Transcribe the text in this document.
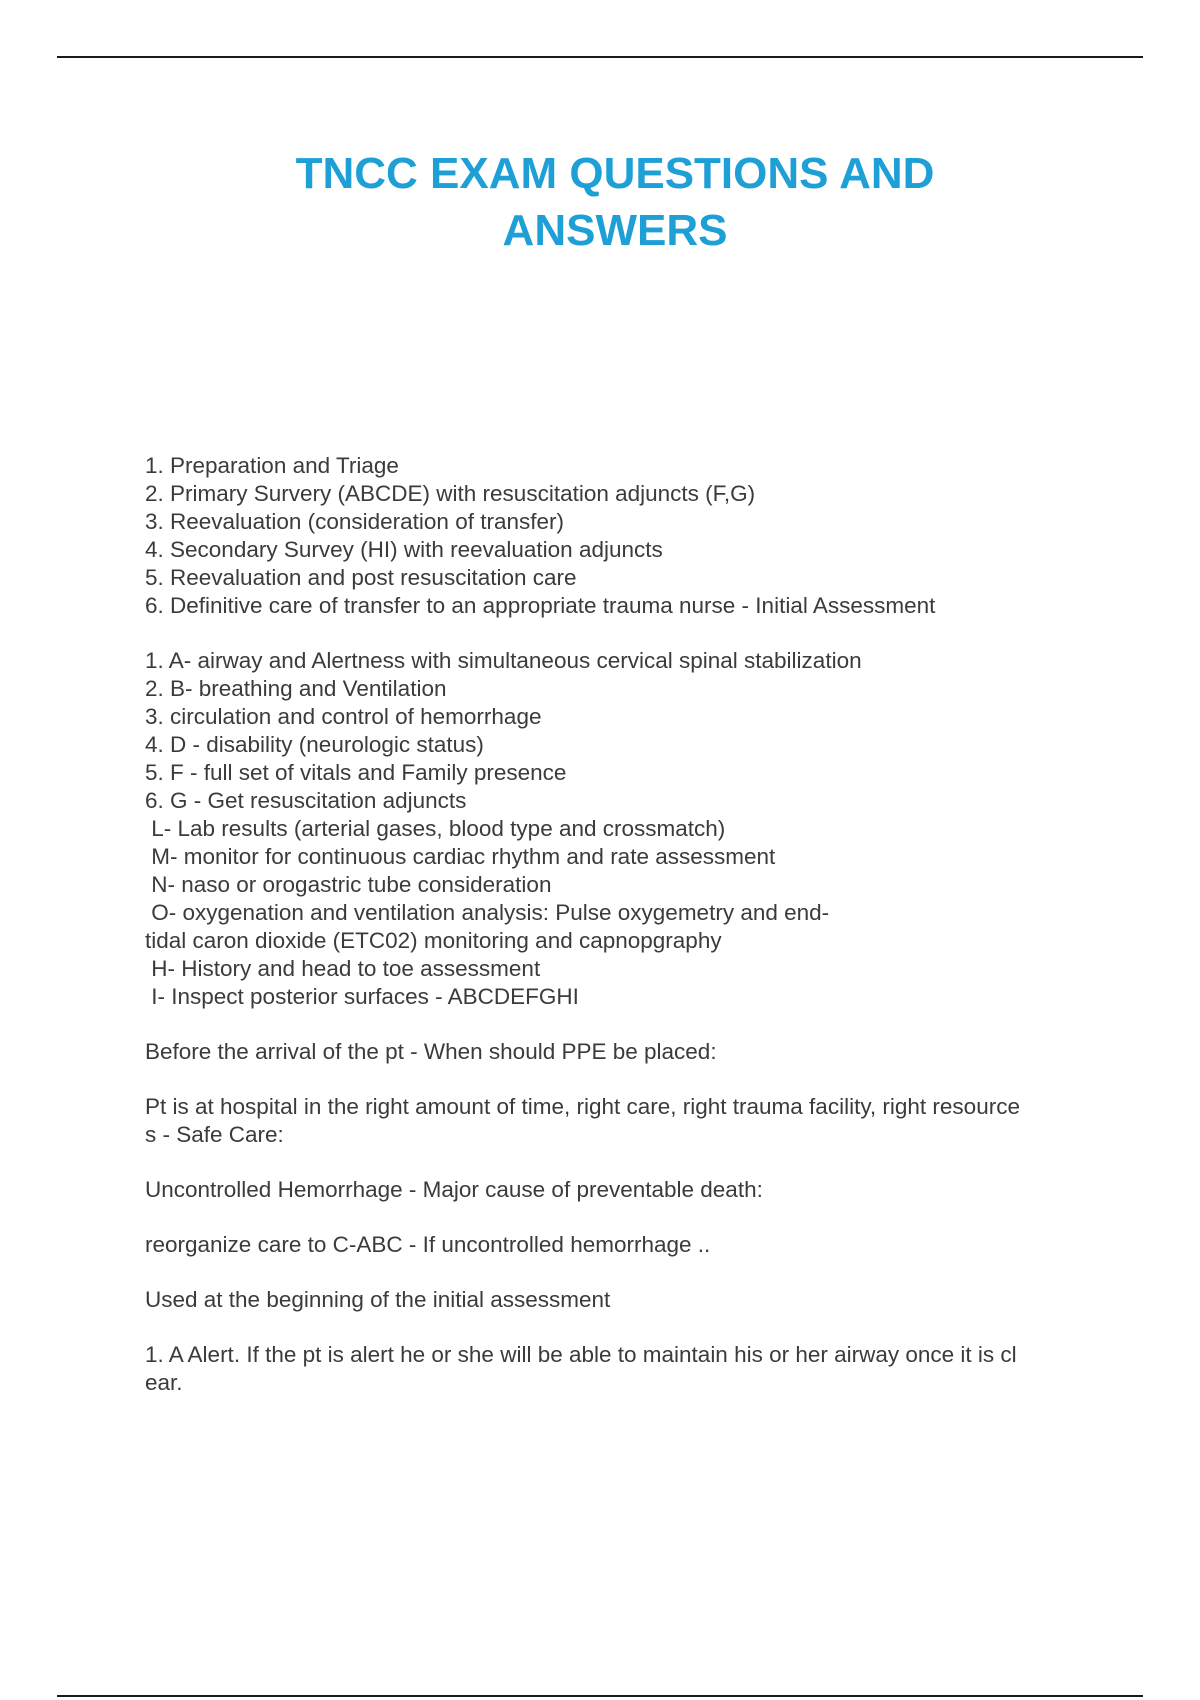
TNCC EXAM QUESTIONS AND
ANSWERS
1. Preparation and Triage
2. Primary Survery (ABCDE) with resuscitation adjuncts (F,G)
3. Reevaluation (consideration of transfer)
4. Secondary Survey (HI) with reevaluation adjuncts
5. Reevaluation and post resuscitation care
6. Definitive care of transfer to an appropriate trauma nurse - Initial Assessment
1. A- airway and Alertness with simultaneous cervical spinal stabilization
2. B- breathing and Ventilation
3. circulation and control of hemorrhage
4. D - disability (neurologic status)
5. F - full set of vitals and Family presence
6. G - Get resuscitation adjuncts
L- Lab results (arterial gases, blood type and crossmatch)
M- monitor for continuous cardiac rhythm and rate assessment
N- naso or orogastric tube consideration
O- oxygenation and ventilation analysis: Pulse oxygemetry and end-
tidal caron dioxide (ETC02) monitoring and capnopgraphy
H- History and head to toe assessment
I- Inspect posterior surfaces - ABCDEFGHI
Before the arrival of the pt - When should PPE be placed:
Pt is at hospital in the right amount of time, right care, right trauma facility, right resource
s - Safe Care:
Uncontrolled Hemorrhage - Major cause of preventable death:
reorganize care to C-ABC - If uncontrolled hemorrhage ..
Used at the beginning of the initial assessment
1. A Alert. If the pt is alert he or she will be able to maintain his or her airway once it is cl
ear.
